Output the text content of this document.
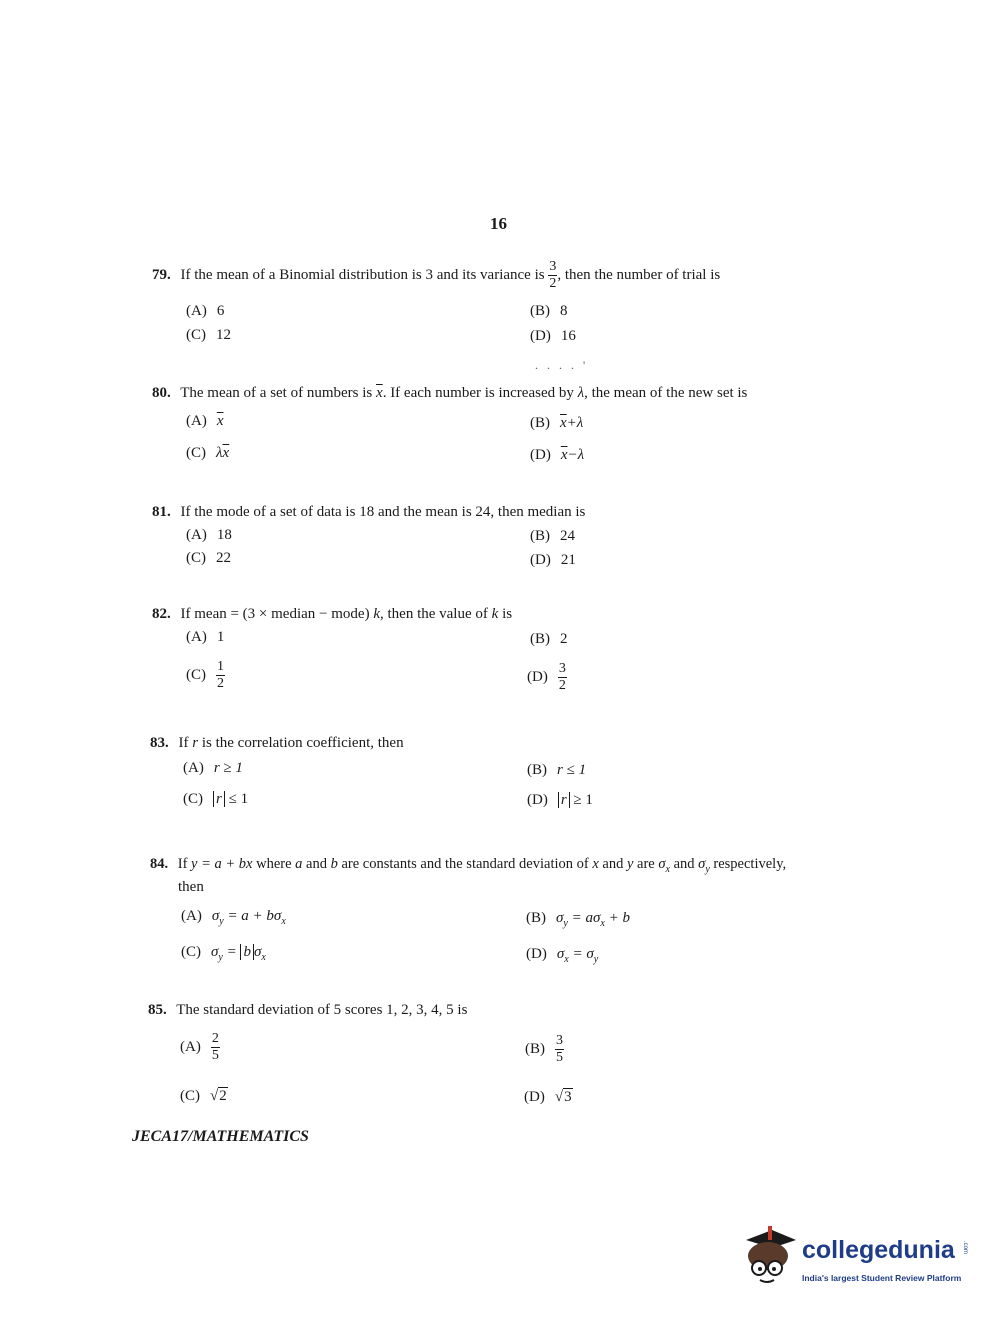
16
79. If the mean of a Binomial distribution is 3 and its variance is $\frac{3}{2}$ , then the number of trial is
(A) 6	(B) 8
(C) 12	(D) 16
. . . . '
80. The mean of a set of numbers is $\overline{x}$. If each number is increased by λ, the mean of the new set is
(A) $\overline{x}$	(B) $\overline{x}+\lambda$
(C) $\lambda\overline{x}$	(D) $\overline{x}-\lambda$
81. If the mode of a set of data is 18 and the mean is 24, then median is
(A) 18	(B) 24
(C) 22	(D) 21
82. If mean = (3 × median − mode) k, then the value of k is
(A) 1	(B) 2
$(C) \frac{1}{2}$	$(D) \frac{3}{2}$
83. If r is the correlation coefficient, then
(A) r ≥ 1	(B) r ≤ 1
(C) r ≤ 1	(D) r ≥ 1
84. If y = a + bx where a and b are constants and the standard deviation of x and y are $\sigma_x$ and $\sigma_y$ respectively,
then
(A) $\sigma_y = a + b\sigma_x$	(B) $\sigma_y = a\sigma_x + b$
(C) $\sigma_y = b$ $\sigma_x$	(D) $\sigma_x = \sigma_y$
85. The standard deviation of 5 scores 1, 2, 3, 4, 5 is
$(A) \frac{2}{5}$	$(B) \frac{3}{5}$
(C) √2	(D) √3
JECA17/MATHEMATICS
collegedunia .com
India's largest Student Review Platform
